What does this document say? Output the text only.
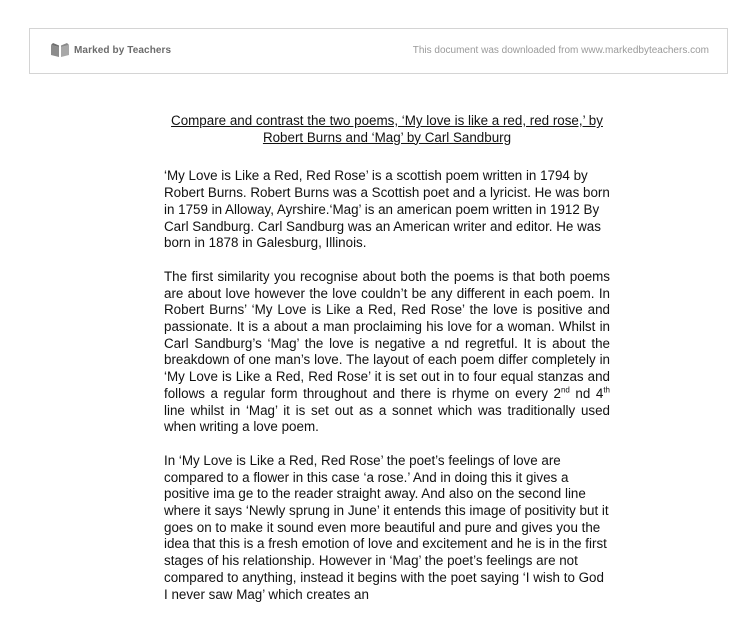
Marked by Teachers	This document was downloaded from www.markedbyteachers.com
Compare and contrast the two poems, ‘My love is like a red, red rose,’ by
Robert Burns and ‘Mag’ by Carl Sandburg

‘My Love is Like a Red, Red Rose’ is a scottish poem written in 1794 by Robert Burns. Robert Burns was a Scottish poet and a lyricist. He was born in 1759 in Alloway, Ayrshire.‘Mag’ is an american poem written in 1912 By Carl Sandburg. Carl Sandburg was an American writer and editor. He was born in 1878 in Galesburg, Illinois.

The first similarity you recognise about both the poems is that both poems are about love however the love couldn’t be any different in each poem. In Robert Burns’ ‘My Love is Like a Red, Red Rose’ the love is positive and passionate. It is a about a man proclaiming his love for a woman. Whilst in Carl Sandburg’s ‘Mag’ the love is negative a nd regretful. It is about the breakdown of one man’s love. The layout of each poem differ completely in ‘My Love is Like a Red, Red Rose’ it is set out in to four equal stanzas and follows a regular form throughout and there is rhyme on every 2nd nd 4th line whilst in ‘Mag’ it is set out as a sonnet which was traditionally used when writing a love poem.

In ‘My Love is Like a Red, Red Rose’ the poet’s feelings of love are compared to a flower in this case ‘a rose.’ And in doing this it gives a positive ima ge to the reader straight away. And also on the second line where it says ‘Newly sprung in June’ it entends this image of positivity but it goes on to make it sound even more beautiful and pure and gives you the idea that this is a fresh emotion of love and excitement and he is in the first stages of his relationship. However in ‘Mag’ the poet’s feelings are not compared to anything, instead it begins with the poet saying ‘I wish to God I never saw Mag’ which creates an
